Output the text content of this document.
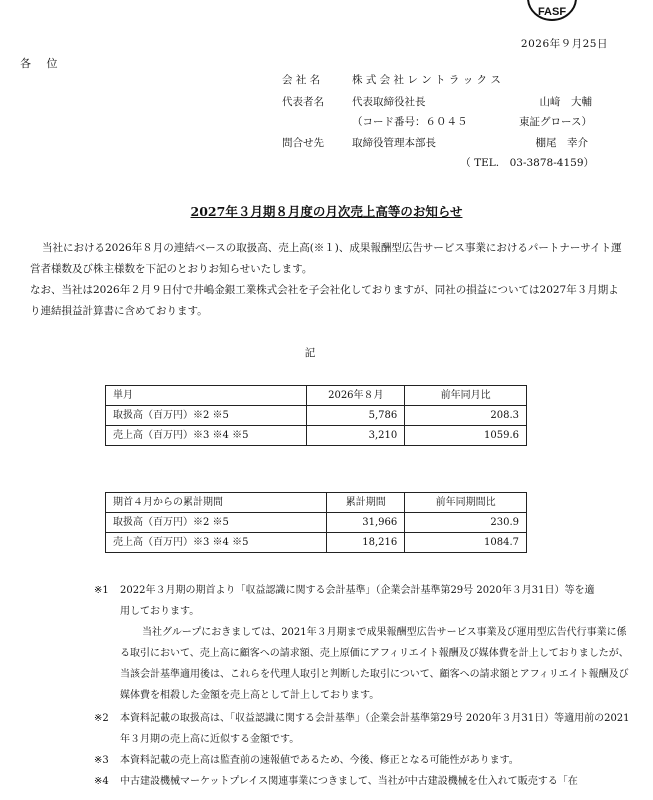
FASF
2026年９月25日
各 位
会 社 名	株 式 会 社 レ ン ト ラ ッ ク ス
代表者名	代表取締役社長	山﨑　大輔
（コード番号：６０４５	東証グロース）
問合せ先	取締役管理本部長	棚尾　幸介
（ TEL.　03-3878-4159）
2027年３月期８月度の月次売上高等のお知らせ
当社における2026年８月の連結ベースの取扱高、売上高(※１)、成果報酬型広告サービス事業におけるパートナーサイト運営者様数及び株主様数を下記のとおりお知らせいたします。
なお、当社は2026年２月９日付で井嶋金銀工業株式会社を子会社化しておりますが、同社の損益については2027年３月期より連結損益計算書に含めております。
記
単月	2026年８月	前年同月比
取扱高（百万円）※2 ※5	5,786	208.3
売上高（百万円）※3 ※4 ※5	3,210	1059.6
期首４月からの累計期間	累計期間	前年同期間比
取扱高（百万円）※2 ※5	31,966	230.9
売上高（百万円）※3 ※4 ※5	18,216	1084.7
※1 2022年３月期の期首より「収益認識に関する会計基準」（企業会計基準第29号 2020年３月31日）等を適
用しております。
当社グループにおきましては、2021年３月期まで成果報酬型広告サービス事業及び運用型広告代行事業に係る取引において、売上高に顧客への請求額、売上原価にアフィリエイト報酬及び媒体費を計上しておりましたが、当該会計基準適用後は、これらを代理人取引と判断した取引について、顧客への請求額とアフィリエイト報酬及び媒体費を相殺した金額を売上高として計上しております。
※2 本資料記載の取扱高は、「収益認識に関する会計基準」（企業会計基準第29号 2020年３月31日）等適用前の2021年３月期の売上高に近似する金額です。
※3 本資料記載の売上高は監査前の速報値であるため、今後、修正となる可能性があります。
※4 中古建設機械マーケットプレイス関連事業につきまして、当社が中古建設機械を仕入れて販売する「在
